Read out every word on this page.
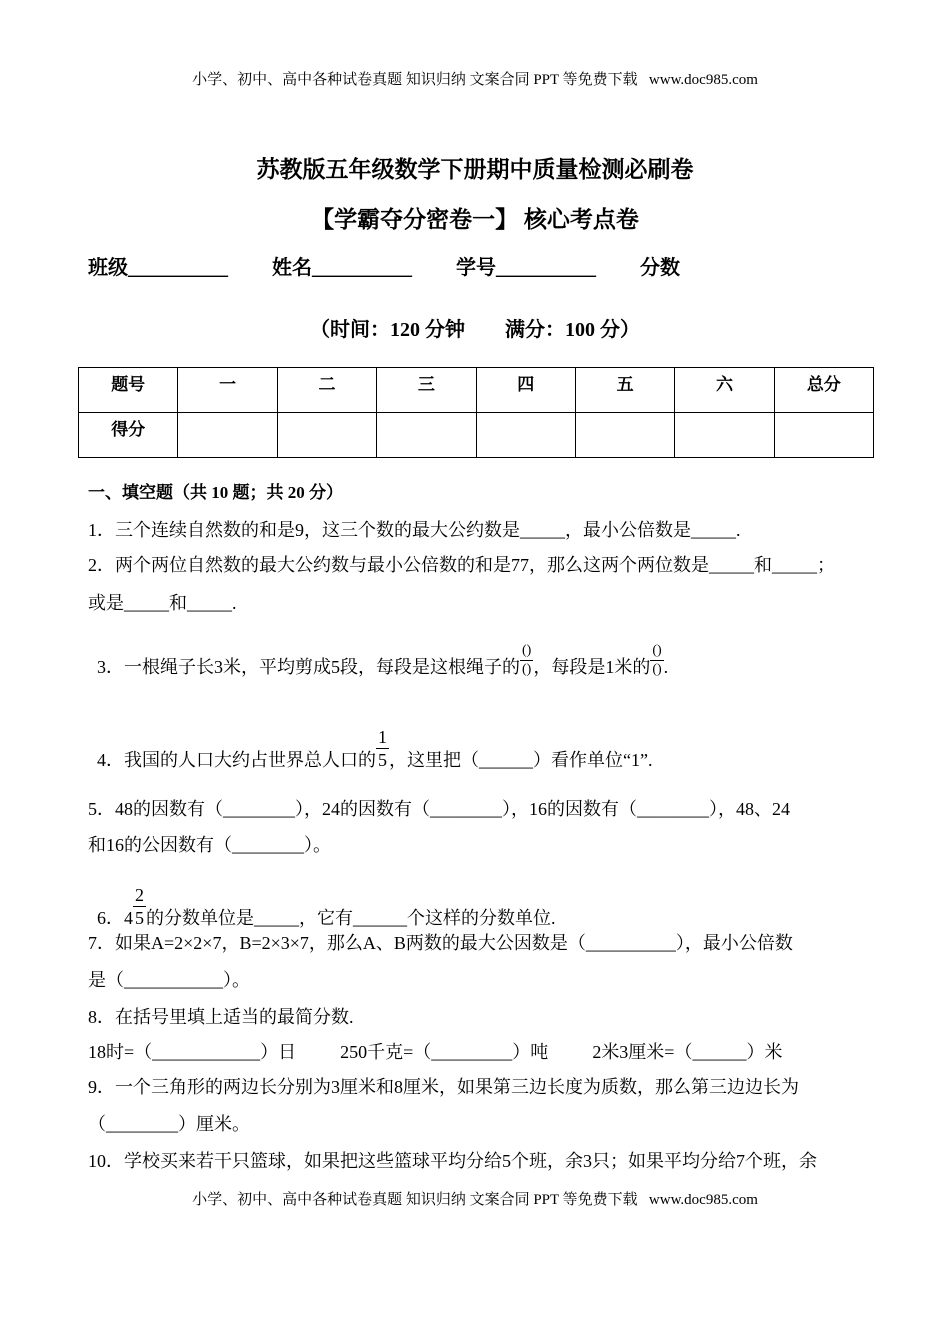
小学、初中、高中各种试卷真题 知识归纳 文案合同 PPT 等免费下载   www.doc985.com
苏教版五年级数学下册期中质量检测必刷卷
【学霸夺分密卷一】 核心考点卷
班级__________ 姓名__________ 学号__________ 分数
（时间：120 分钟        满分：100 分）
题号	一	二	三	四	五	六	总分
得分							
一、填空题（共 10 题；共 20 分）
1．三个连续自然数的和是9，这三个数的最大公约数是_____，最小公倍数是_____.
2．两个两位自然数的最大公约数与最小公倍数的和是77，那么这两个两位数是_____和_____；
或是_____和_____.

3．一根绳子长3米，平均剪成5段，每段是这根绳子的 $\frac{()}{()}$ ，每段是1米的 $\frac{()}{()}$ .

4．我国的人口大约占世界总人口的 $\frac{1}{5}$ ，这里把（______）看作单位“1”.

5．48的因数有（________），24的因数有（________），16的因数有（________），48、24
和16的公因数有（________）。

6．$4 \frac{2}{5}$ 的分数单位是_____，它有______个这样的分数单位.

7．如果A=2×2×7，B=2×3×7，那么A、B两数的最大公因数是（__________），最小公倍数
是（___________）。
8．在括号里填上适当的最简分数.
18时=（____________）日 250千克=（_________）吨 2米3厘米=（______）米
9．一个三角形的两边长分别为3厘米和8厘米，如果第三边长度为质数，那么第三边边长为
（________）厘米。
10．学校买来若干只篮球，如果把这些篮球平均分给5个班，余3只；如果平均分给7个班，余
小学、初中、高中各种试卷真题 知识归纳 文案合同 PPT 等免费下载   www.doc985.com
